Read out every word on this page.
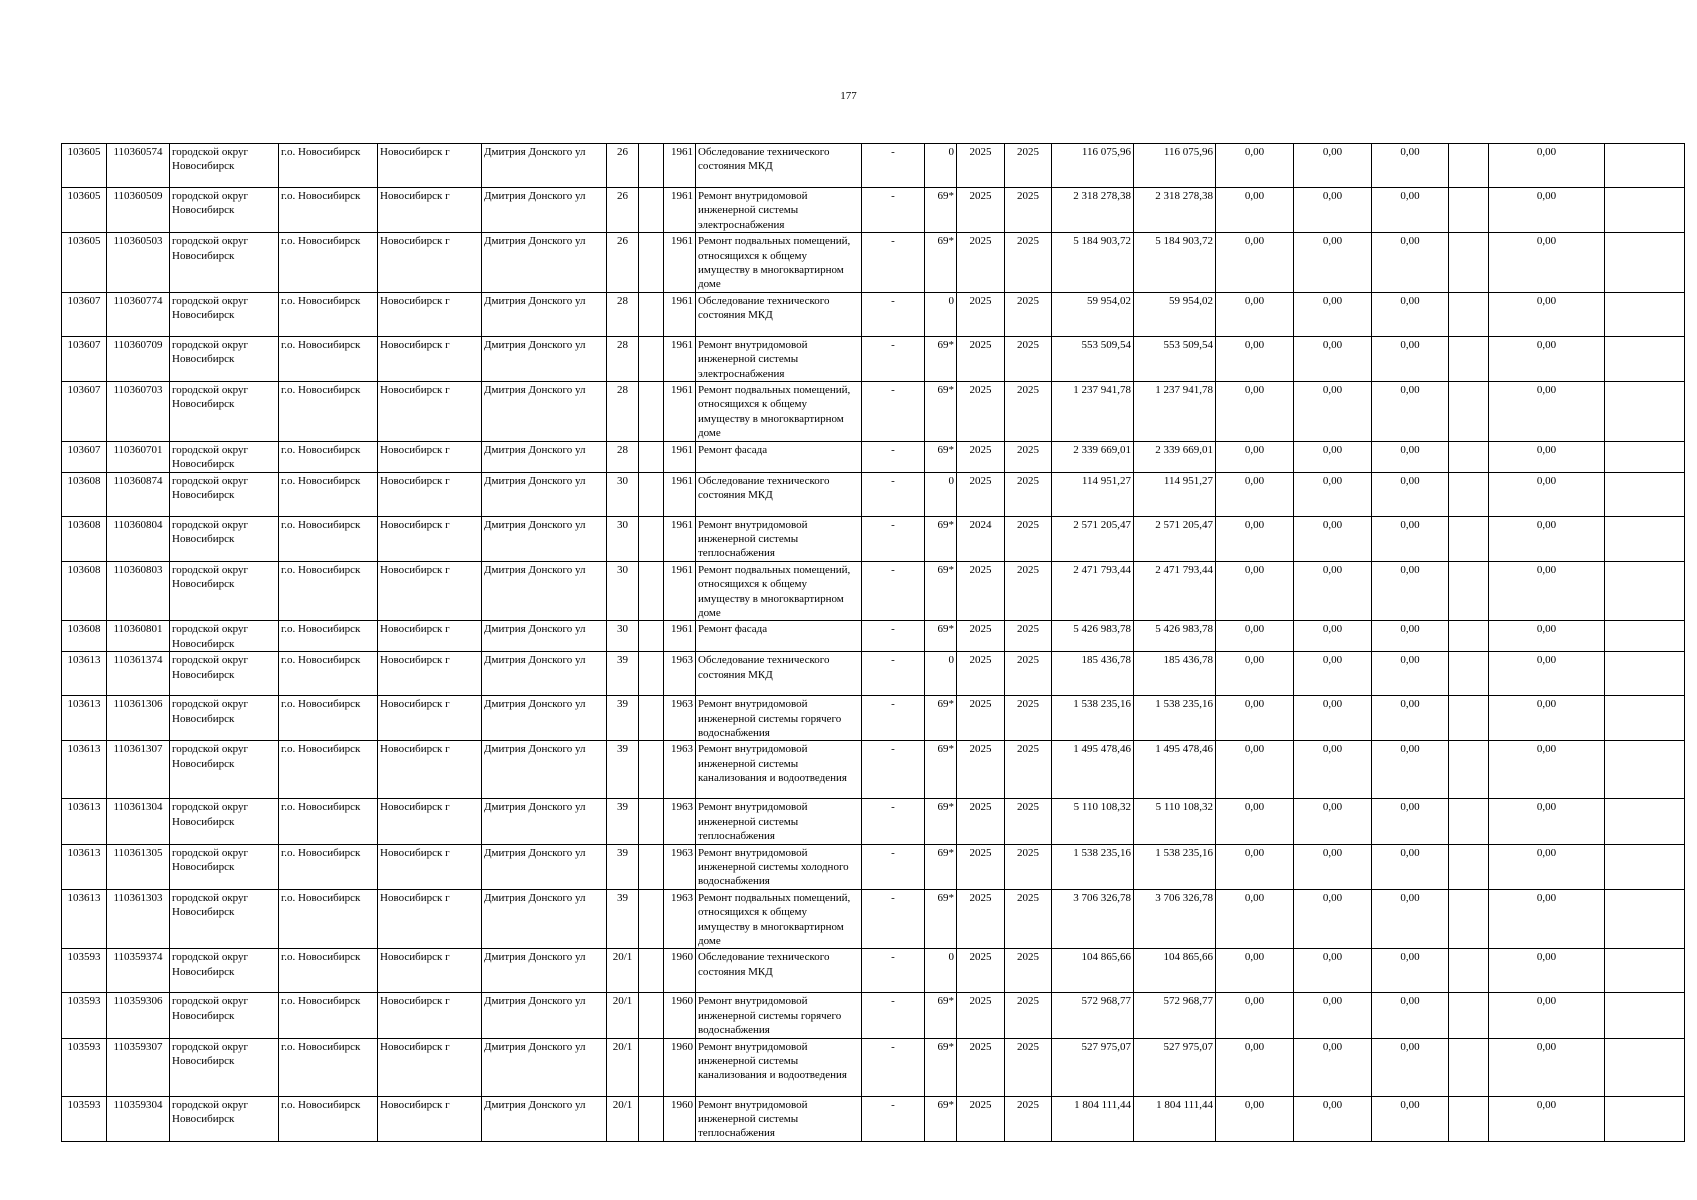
177
103605	110360574	городской округ Новосибирск	г.о. Новосибирск	Новосибирск г	Дмитрия Донского ул	26		1961	Обследование технического состояния МКД	-	0	2025	2025	116 075,96	116 075,96	0,00	0,00	0,00		0,00	
103605	110360509	городской округ Новосибирск	г.о. Новосибирск	Новосибирск г	Дмитрия Донского ул	26		1961	Ремонт внутридомовой инженерной системы электроснабжения	-	69*	2025	2025	2 318 278,38	2 318 278,38	0,00	0,00	0,00		0,00	
103605	110360503	городской округ Новосибирск	г.о. Новосибирск	Новосибирск г	Дмитрия Донского ул	26		1961	Ремонт подвальных помещений, относящихся к общему имуществу в многоквартирном доме	-	69*	2025	2025	5 184 903,72	5 184 903,72	0,00	0,00	0,00		0,00	
103607	110360774	городской округ Новосибирск	г.о. Новосибирск	Новосибирск г	Дмитрия Донского ул	28		1961	Обследование технического состояния МКД	-	0	2025	2025	59 954,02	59 954,02	0,00	0,00	0,00		0,00	
103607	110360709	городской округ Новосибирск	г.о. Новосибирск	Новосибирск г	Дмитрия Донского ул	28		1961	Ремонт внутридомовой инженерной системы электроснабжения	-	69*	2025	2025	553 509,54	553 509,54	0,00	0,00	0,00		0,00	
103607	110360703	городской округ Новосибирск	г.о. Новосибирск	Новосибирск г	Дмитрия Донского ул	28		1961	Ремонт подвальных помещений, относящихся к общему имуществу в многоквартирном доме	-	69*	2025	2025	1 237 941,78	1 237 941,78	0,00	0,00	0,00		0,00	
103607	110360701	городской округ Новосибирск	г.о. Новосибирск	Новосибирск г	Дмитрия Донского ул	28		1961	Ремонт фасада	-	69*	2025	2025	2 339 669,01	2 339 669,01	0,00	0,00	0,00		0,00	
103608	110360874	городской округ Новосибирск	г.о. Новосибирск	Новосибирск г	Дмитрия Донского ул	30		1961	Обследование технического состояния МКД	-	0	2025	2025	114 951,27	114 951,27	0,00	0,00	0,00		0,00	
103608	110360804	городской округ Новосибирск	г.о. Новосибирск	Новосибирск г	Дмитрия Донского ул	30		1961	Ремонт внутридомовой инженерной системы теплоснабжения	-	69*	2024	2025	2 571 205,47	2 571 205,47	0,00	0,00	0,00		0,00	
103608	110360803	городской округ Новосибирск	г.о. Новосибирск	Новосибирск г	Дмитрия Донского ул	30		1961	Ремонт подвальных помещений, относящихся к общему имуществу в многоквартирном доме	-	69*	2025	2025	2 471 793,44	2 471 793,44	0,00	0,00	0,00		0,00	
103608	110360801	городской округ Новосибирск	г.о. Новосибирск	Новосибирск г	Дмитрия Донского ул	30		1961	Ремонт фасада	-	69*	2025	2025	5 426 983,78	5 426 983,78	0,00	0,00	0,00		0,00	
103613	110361374	городской округ Новосибирск	г.о. Новосибирск	Новосибирск г	Дмитрия Донского ул	39		1963	Обследование технического состояния МКД	-	0	2025	2025	185 436,78	185 436,78	0,00	0,00	0,00		0,00	
103613	110361306	городской округ Новосибирск	г.о. Новосибирск	Новосибирск г	Дмитрия Донского ул	39		1963	Ремонт внутридомовой инженерной системы горячего водоснабжения	-	69*	2025	2025	1 538 235,16	1 538 235,16	0,00	0,00	0,00		0,00	
103613	110361307	городской округ Новосибирск	г.о. Новосибирск	Новосибирск г	Дмитрия Донского ул	39		1963	Ремонт внутридомовой инженерной системы канализования и водоотведения	-	69*	2025	2025	1 495 478,46	1 495 478,46	0,00	0,00	0,00		0,00	
103613	110361304	городской округ Новосибирск	г.о. Новосибирск	Новосибирск г	Дмитрия Донского ул	39		1963	Ремонт внутридомовой инженерной системы теплоснабжения	-	69*	2025	2025	5 110 108,32	5 110 108,32	0,00	0,00	0,00		0,00	
103613	110361305	городской округ Новосибирск	г.о. Новосибирск	Новосибирск г	Дмитрия Донского ул	39		1963	Ремонт внутридомовой инженерной системы холодного водоснабжения	-	69*	2025	2025	1 538 235,16	1 538 235,16	0,00	0,00	0,00		0,00	
103613	110361303	городской округ Новосибирск	г.о. Новосибирск	Новосибирск г	Дмитрия Донского ул	39		1963	Ремонт подвальных помещений, относящихся к общему имуществу в многоквартирном доме	-	69*	2025	2025	3 706 326,78	3 706 326,78	0,00	0,00	0,00		0,00	
103593	110359374	городской округ Новосибирск	г.о. Новосибирск	Новосибирск г	Дмитрия Донского ул	20/1		1960	Обследование технического состояния МКД	-	0	2025	2025	104 865,66	104 865,66	0,00	0,00	0,00		0,00	
103593	110359306	городской округ Новосибирск	г.о. Новосибирск	Новосибирск г	Дмитрия Донского ул	20/1		1960	Ремонт внутридомовой инженерной системы горячего водоснабжения	-	69*	2025	2025	572 968,77	572 968,77	0,00	0,00	0,00		0,00	
103593	110359307	городской округ Новосибирск	г.о. Новосибирск	Новосибирск г	Дмитрия Донского ул	20/1		1960	Ремонт внутридомовой инженерной системы канализования и водоотведения	-	69*	2025	2025	527 975,07	527 975,07	0,00	0,00	0,00		0,00	
103593	110359304	городской округ Новосибирск	г.о. Новосибирск	Новосибирск г	Дмитрия Донского ул	20/1		1960	Ремонт внутридомовой инженерной системы теплоснабжения	-	69*	2025	2025	1 804 111,44	1 804 111,44	0,00	0,00	0,00		0,00	
